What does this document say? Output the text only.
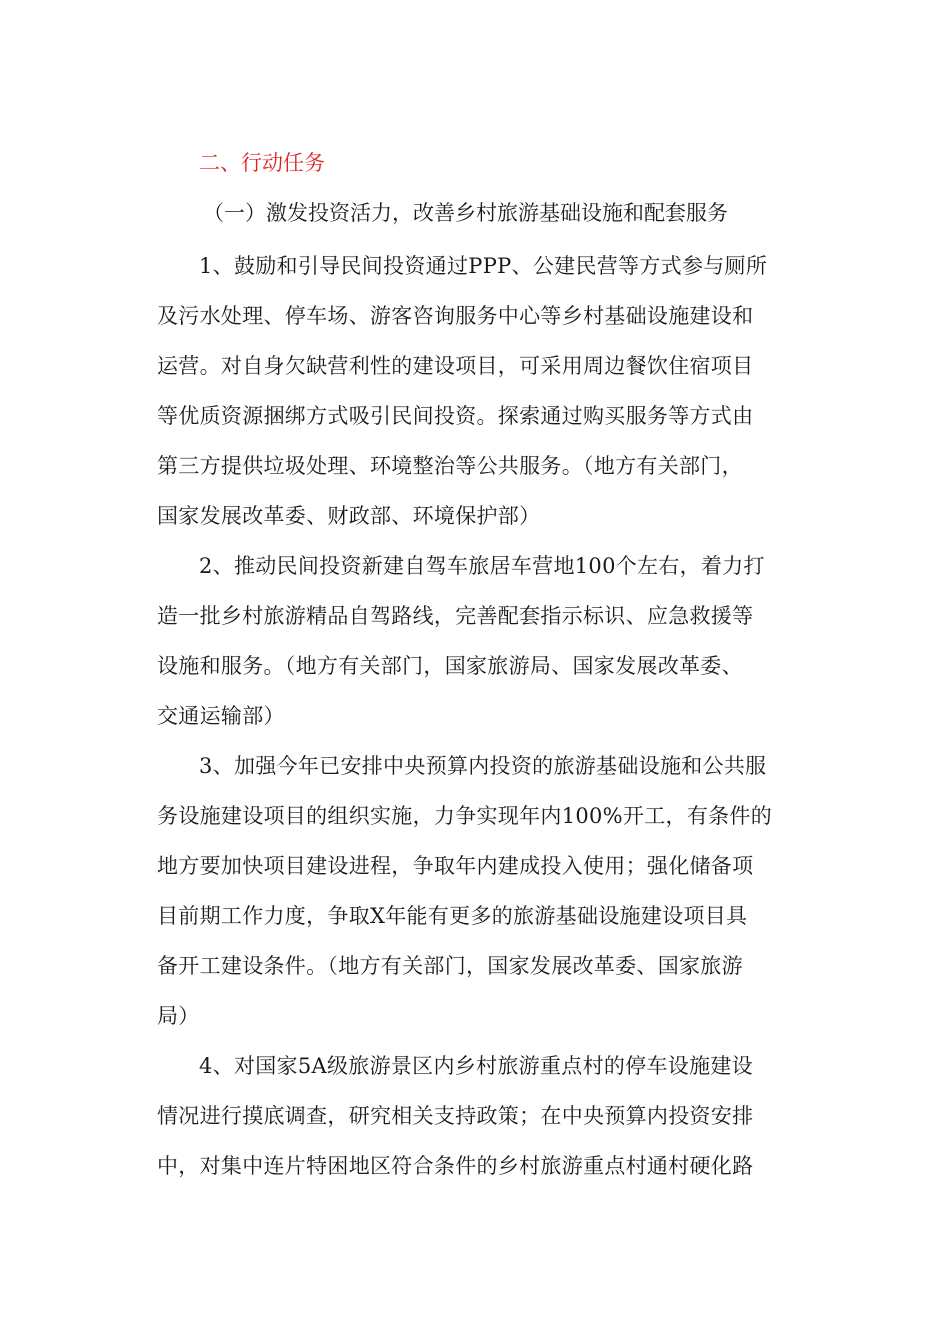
二、行动任务

（一）激发投资活力，改善乡村旅游基础设施和配套服务

1、鼓励和引导民间投资通过PPP、公建民营等方式参与厕所
及污水处理、停车场、游客咨询服务中心等乡村基础设施建设和
运营。对自身欠缺营利性的建设项目，可采用周边餐饮住宿项目
等优质资源捆绑方式吸引民间投资。探索通过购买服务等方式由
第三方提供垃圾处理、环境整治等公共服务。（地方有关部门，
国家发展改革委、财政部、环境保护部）

2、推动民间投资新建自驾车旅居车营地100个左右，着力打
造一批乡村旅游精品自驾路线，完善配套指示标识、应急救援等
设施和服务。（地方有关部门，国家旅游局、国家发展改革委、
交通运输部）

3、加强今年已安排中央预算内投资的旅游基础设施和公共服
务设施建设项目的组织实施，力争实现年内100%开工，有条件的
地方要加快项目建设进程，争取年内建成投入使用；强化储备项
目前期工作力度，争取X年能有更多的旅游基础设施建设项目具
备开工建设条件。（地方有关部门，国家发展改革委、国家旅游
局）

4、对国家5A级旅游景区内乡村旅游重点村的停车设施建设
情况进行摸底调查，研究相关支持政策；在中央预算内投资安排
中，对集中连片特困地区符合条件的乡村旅游重点村通村硬化路
